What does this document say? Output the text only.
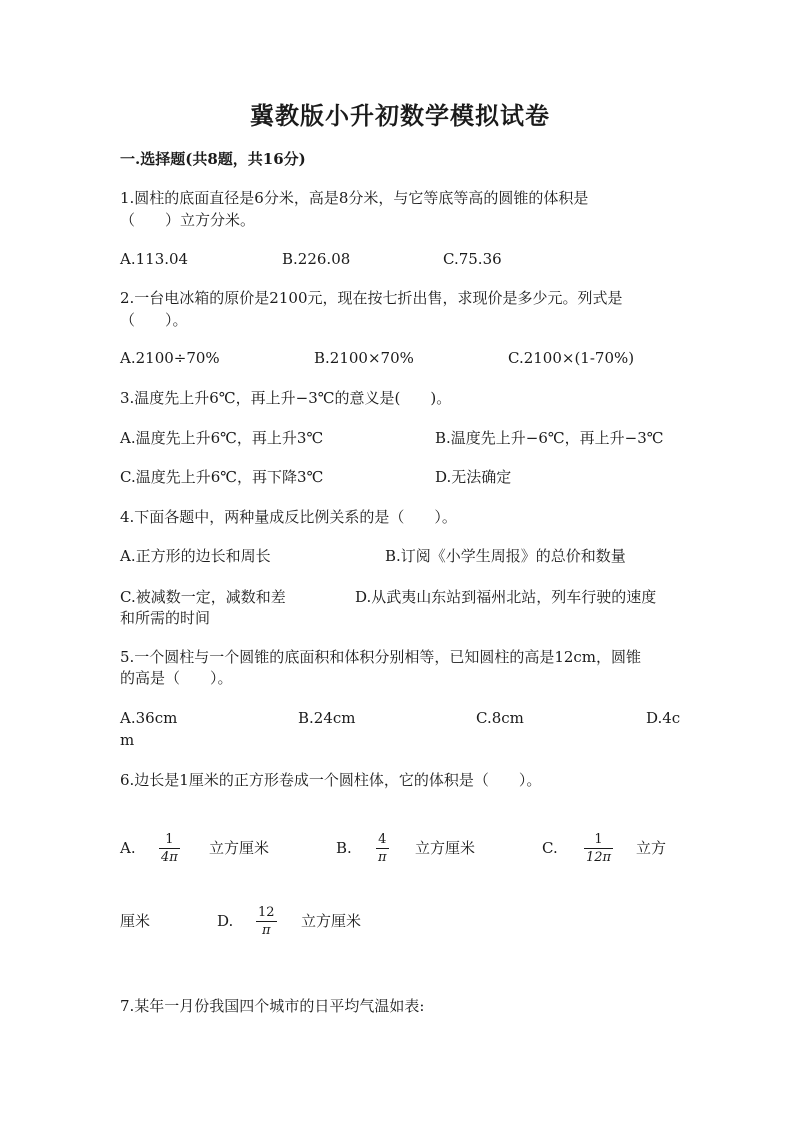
冀教版小升初数学模拟试卷
一.选择题(共8题，共16分)
1.圆柱的底面直径是6分米，高是8分米，与它等底等高的圆锥的体积是
（　　）立方分米。
A.113.04	B.226.08	C.75.36
2.一台电冰箱的原价是2100元，现在按七折出售，求现价是多少元。列式是
（　　）。
A.2100÷70%	B.2100×70%	C.2100×(1-70%)
3.温度先上升6℃，再上升−3℃的意义是(　　)。
A.温度先上升6℃，再上升3℃	B.温度先上升−6℃，再上升−3℃
C.温度先上升6℃，再下降3℃	D.无法确定
4.下面各题中，两种量成反比例关系的是（　　）。
A.正方形的边长和周长	B.订阅《小学生周报》的总价和数量
C.被减数一定，减数和差	D.从武夷山东站到福州北站，列车行驶的速度
和所需的时间
5.一个圆柱与一个圆锥的底面积和体积分别相等，已知圆柱的高是12cm，圆锥
的高是（　　）。
A.36cm	B.24cm	C.8cm	D.4c
m
6.边长是1厘米的正方形卷成一个圆柱体，它的体积是（　　）。
A. 1
4π
立方厘米	B. 4
π
立方厘米	C.	1
12π
立方
厘米	D. 12
π
立方厘米
7.某年一月份我国四个城市的日平均气温如表:
